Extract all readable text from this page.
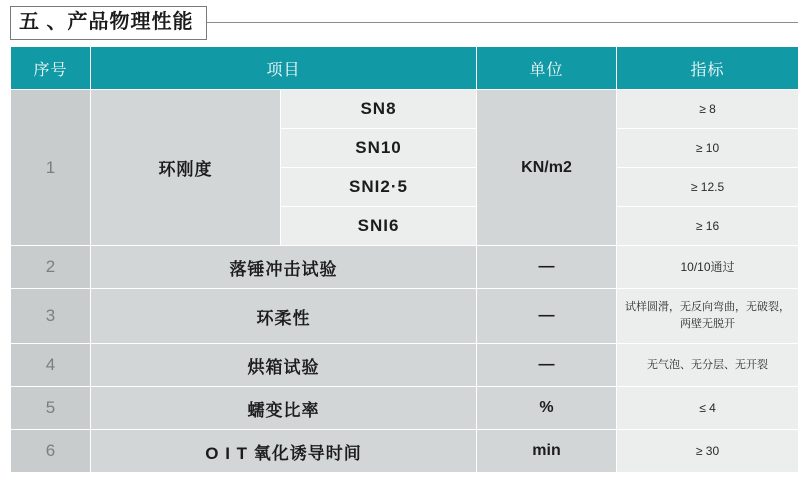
五 、产品物理性能
序号	项目		单位	指标
1	环刚度	SN8	KN/m2	≥ 8
		SN10		≥ 10
		SNI2·5		≥ 12.5
		SNI6		≥ 16
2	落锤冲击试验		—	10/10通过
3	环柔性		—	试样圆滑，无反向弯曲，无破裂，
两壁无脱开

4	烘箱试验		—	无气泡、无分层、无开裂
5	蠕变比率		%	≤ 4
6	O I T 氧化诱导时间		min	≥ 30
